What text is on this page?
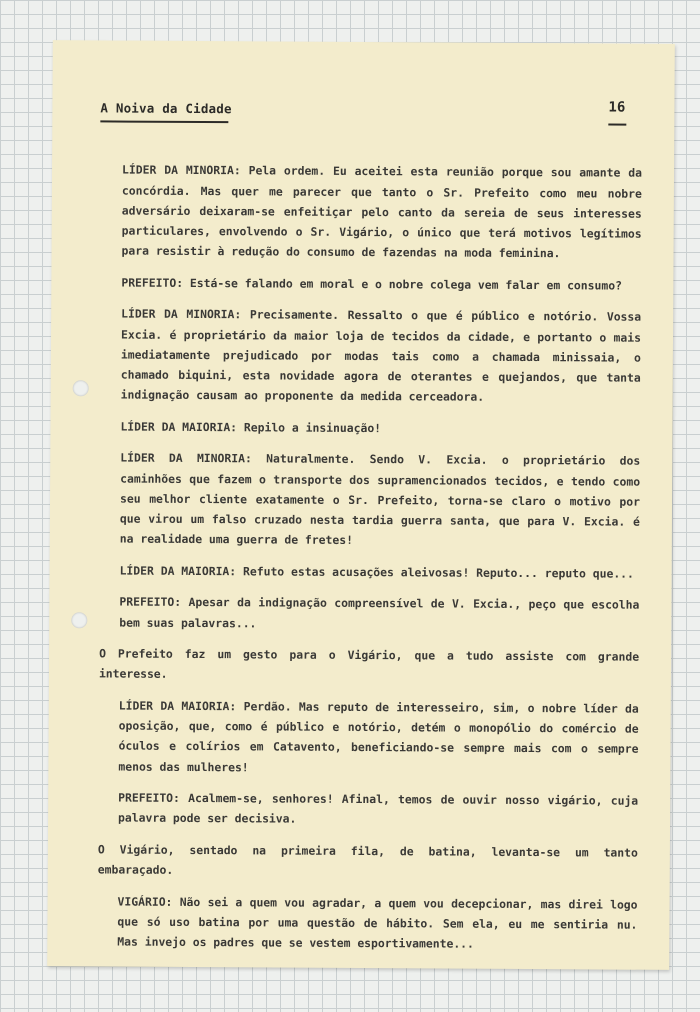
A Noiva da Cidade	16

LÍDER DA MINORIA: Pela ordem. Eu aceitei esta reunião porque sou amante da concórdia. Mas quer me parecer que tanto o Sr. Prefeito como meu nobre adversário deixaram-se enfeitiçar pelo canto da sereia de seus interesses particulares, envolvendo o Sr. Vigário, o único que terá motivos legítimos para resistir à redução do consumo de fazendas na moda feminina.

PREFEITO: Está-se falando em moral e o nobre colega vem falar em consumo?

LÍDER DA MINORIA: Precisamente. Ressalto o que é público e notório. Vossa Excia. é proprietário da maior loja de tecidos da cidade, e portanto o mais imediatamente prejudicado por modas tais como a chamada minissaia, o chamado biquini, esta novidade agora de oterantes e quejandos, que tanta indignação causam ao proponente da medida cerceadora.

LÍDER DA MAIORIA: Repilo a insinuação!

LÍDER DA MINORIA: Naturalmente. Sendo V. Excia. o proprietário dos caminhões que fazem o transporte dos supramencionados tecidos, e tendo como seu melhor cliente exatamente o Sr. Prefeito, torna-se claro o motivo por que virou um falso cruzado nesta tardia guerra santa, que para V. Excia. é na realidade uma guerra de fretes!

LÍDER DA MAIORIA: Refuto estas acusações aleivosas! Reputo... reputo que...

PREFEITO: Apesar da indignação compreensível de V. Excia., peço que escolha bem suas palavras...

O Prefeito faz um gesto para o Vigário, que a tudo assiste com grande interesse.

LÍDER DA MAIORIA: Perdão. Mas reputo de interesseiro, sim, o nobre líder da oposição, que, como é público e notório, detém o monopólio do comércio de óculos e colírios em Catavento, beneficiando-se sempre mais com o sempre menos das mulheres!

PREFEITO: Acalmem-se, senhores! Afinal, temos de ouvir nosso vigário, cuja palavra pode ser decisiva.

O Vigário, sentado na primeira fila, de batina, levanta-se um tanto embaraçado.

VIGÁRIO: Não sei a quem vou agradar, a quem vou decepcionar, mas direi logo que só uso batina por uma questão de hábito. Sem ela, eu me sentiria nu. Mas invejo os padres que se vestem esportivamente...
